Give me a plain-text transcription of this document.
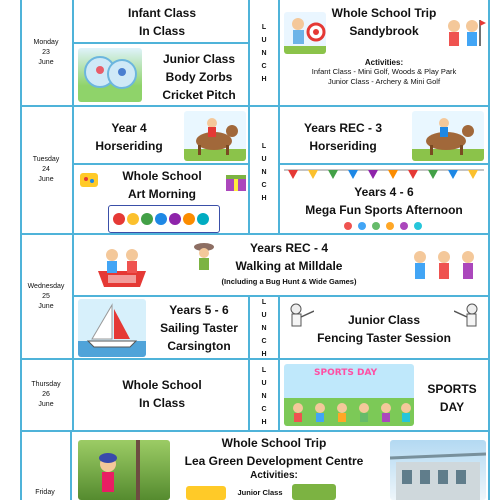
Monday
23
June
Infant Class
In Class
Junior Class
Body Zorbs
Cricket Pitch
L
U
N
C
H
Whole School Trip
Sandybrook
Activities:
Infant Class - Mini Golf, Woods & Play Park
Junior Class - Archery & Mini Golf
Tuesday
24
June
Year 4
Horseriding
Whole School
Art Morning
L
U
N
C
H
Years REC - 3
Horseriding
Years 4 - 6
Mega Fun Sports Afternoon
Wednesday
25
June
Years REC - 4
Walking at Milldale
(Including a Bug Hunt & Wide Games)
Years 5 - 6
Sailing Taster
Carsington
L
U
N
C
H
Junior Class
Fencing Taster Session
Thursday
26
June
Whole School
In Class
L
U
N
C
H
SPORTS DAY
SPORTS
DAY
Friday
Whole School Trip
Lea Green Development Centre
Activities:
Junior Class
